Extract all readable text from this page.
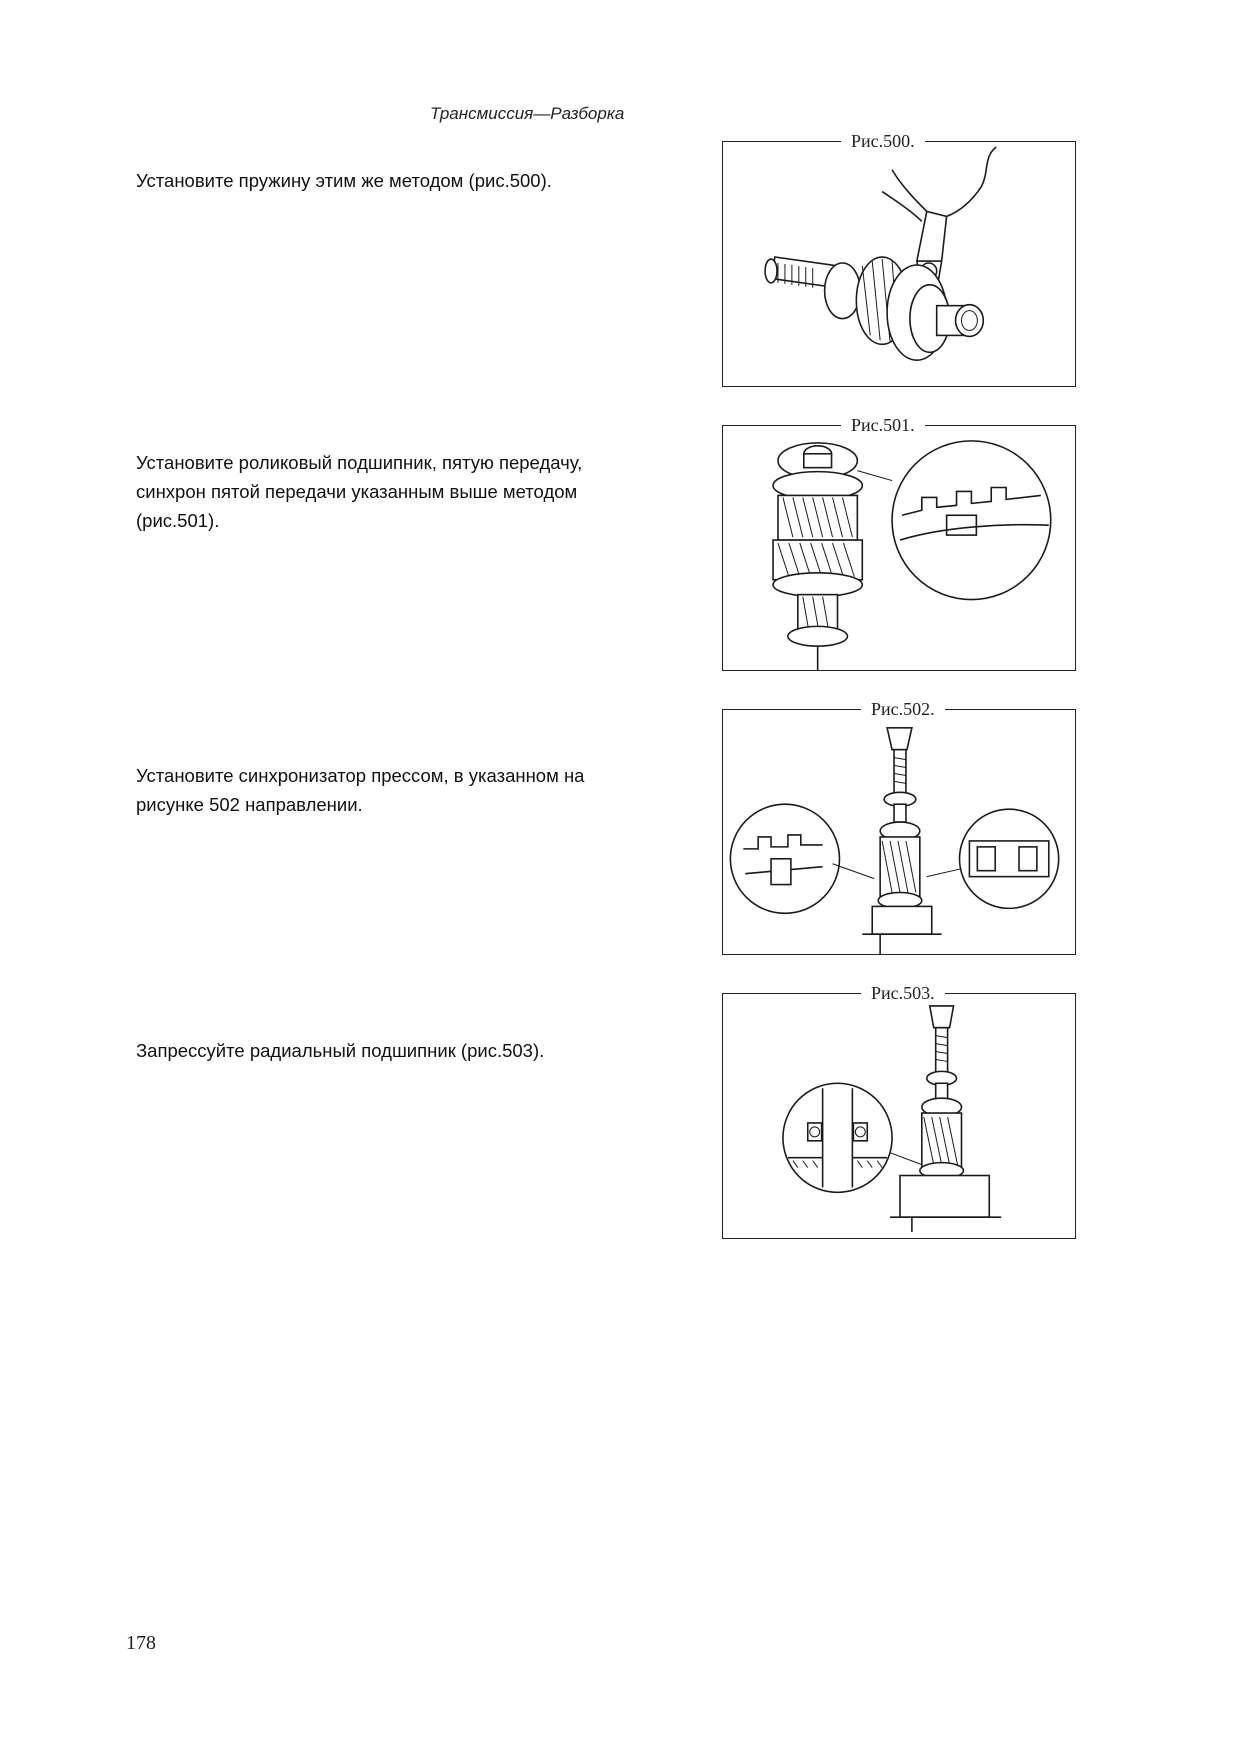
Трансмиссия—Разборка

Установите пружину этим же методом (рис.500).

Рис.500.

Установите роликовый подшипник, пятую передачу, синхрон пятой передачи указанным выше методом (рис.501).

Рис.501.

Установите синхронизатор прессом, в указанном на рисунке 502 направлении.

Рис.502.

Запрессуйте радиальный подшипник (рис.503).

Рис.503.
178
